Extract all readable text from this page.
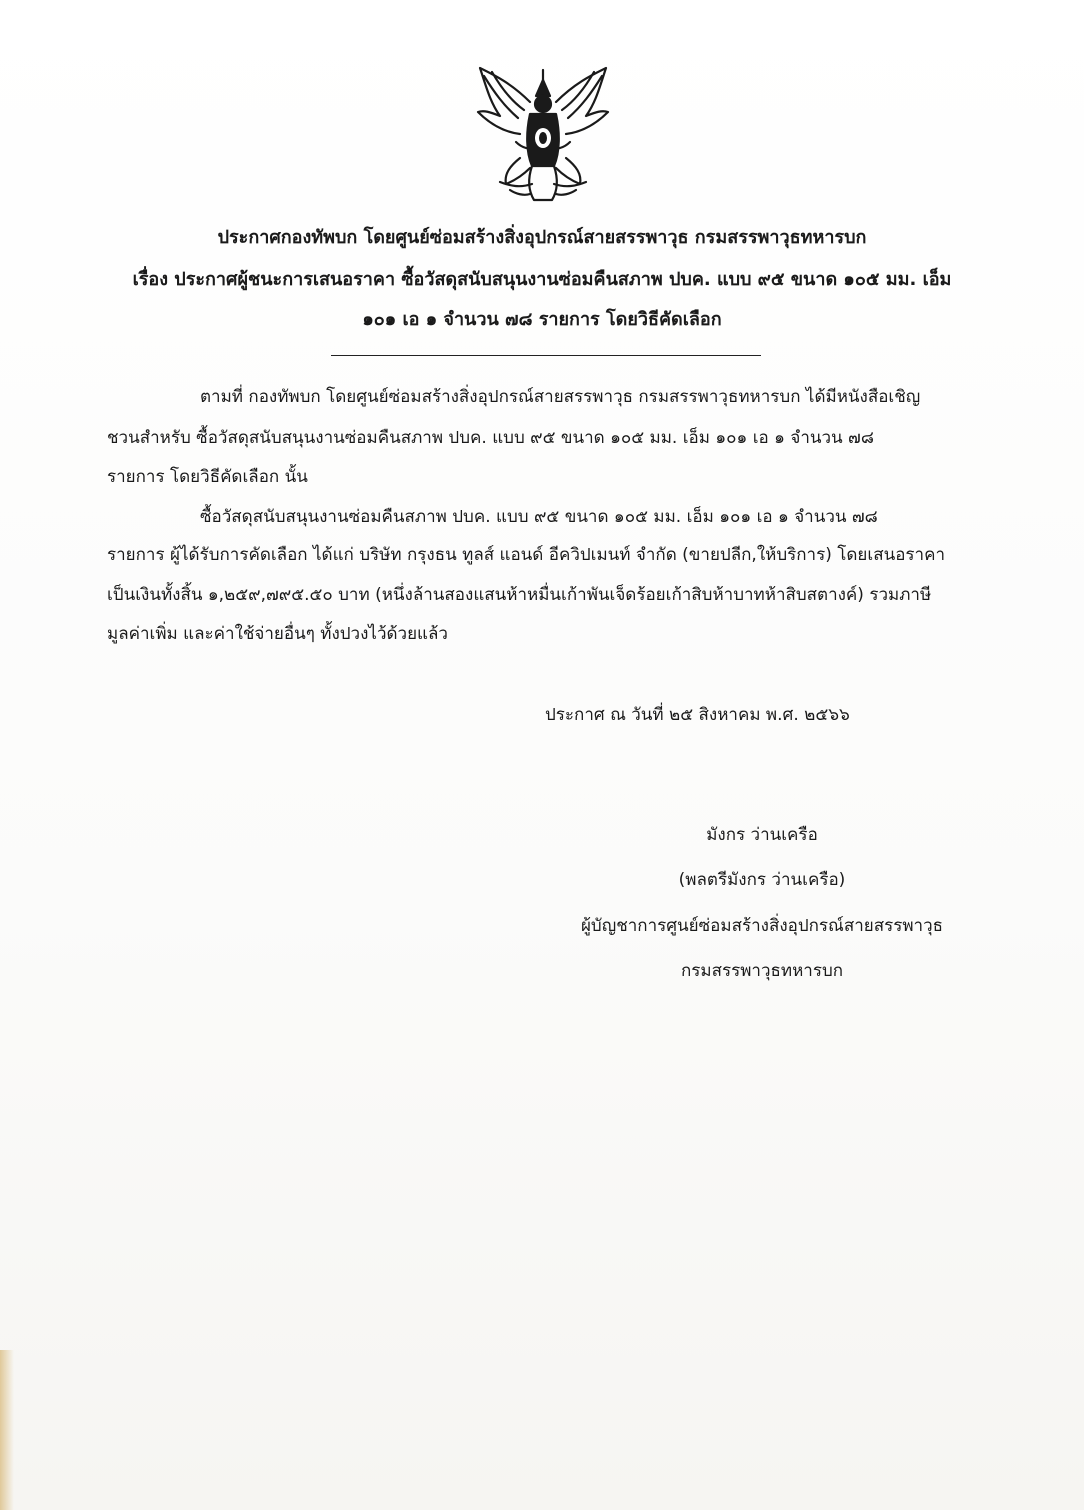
ประกาศกองทัพบก โดยศูนย์ซ่อมสร้างสิ่งอุปกรณ์สายสรรพาวุธ กรมสรรพาวุธทหารบก
เรื่อง ประกาศผู้ชนะการเสนอราคา ซื้อวัสดุสนับสนุนงานซ่อมคืนสภาพ ปบค. แบบ ๙๕ ขนาด ๑๐๕ มม. เอ็ม
๑๐๑ เอ ๑ จำนวน ๗๘ รายการ โดยวิธีคัดเลือก
ตามที่ กองทัพบก โดยศูนย์ซ่อมสร้างสิ่งอุปกรณ์สายสรรพาวุธ กรมสรรพาวุธทหารบก ได้มีหนังสือเชิญ
ชวนสำหรับ ซื้อวัสดุสนับสนุนงานซ่อมคืนสภาพ ปบค. แบบ ๙๕ ขนาด ๑๐๕ มม. เอ็ม ๑๐๑ เอ ๑ จำนวน ๗๘
รายการ โดยวิธีคัดเลือก นั้น
ซื้อวัสดุสนับสนุนงานซ่อมคืนสภาพ ปบค. แบบ ๙๕ ขนาด ๑๐๕ มม. เอ็ม ๑๐๑ เอ ๑ จำนวน ๗๘
รายการ ผู้ได้รับการคัดเลือก ได้แก่ บริษัท กรุงธน ทูลส์ แอนด์ อีควิปเมนท์ จำกัด (ขายปลีก,ให้บริการ) โดยเสนอราคา
เป็นเงินทั้งสิ้น ๑,๒๕๙,๗๙๕.๕๐ บาท (หนึ่งล้านสองแสนห้าหมื่นเก้าพันเจ็ดร้อยเก้าสิบห้าบาทห้าสิบสตางค์) รวมภาษี
มูลค่าเพิ่ม และค่าใช้จ่ายอื่นๆ ทั้งปวงไว้ด้วยแล้ว
ประกาศ ณ วันที่ ๒๕ สิงหาคม พ.ศ. ๒๕๖๖
มังกร ว่านเครือ
(พลตรีมังกร ว่านเครือ)
ผู้บัญชาการศูนย์ซ่อมสร้างสิ่งอุปกรณ์สายสรรพาวุธ
กรมสรรพาวุธทหารบก
